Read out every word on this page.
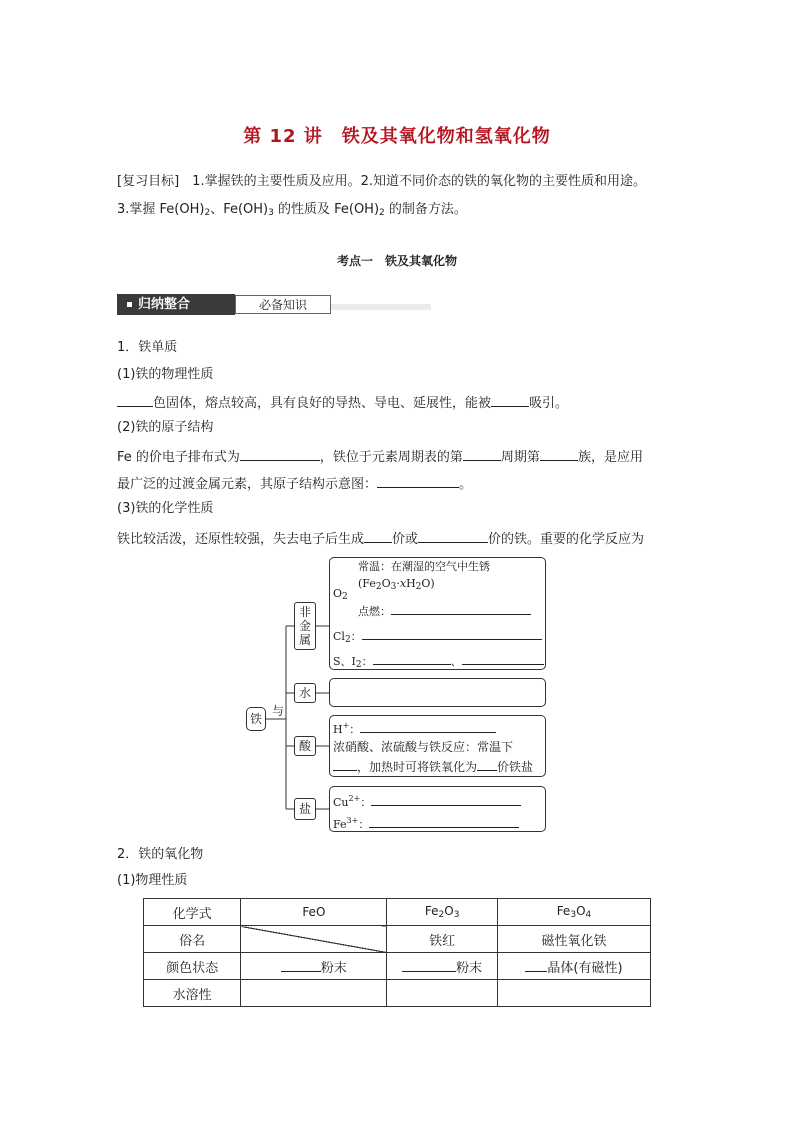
第 12 讲　铁及其氧化物和氢氧化物
[复习目标]　 1.掌握铁的主要性质及应用。2.知道不同价态的铁的氧化物的主要性质和用途。
3.掌握 $Fe(OH)_2$、$Fe(OH)_3$ 的性质及 $Fe(OH)_2$ 的制备方法。
考点一　铁及其氧化物
归纳整合	必备知识
1．铁单质
(1)铁的物理性质
色固体，熔点较高，具有良好的导热、导电、延展性，能被	吸引。
(2)铁的原子结构
Fe 的价电子排布式为	，铁位于元素周期表的第	周期第	族，是应用
最广泛的过渡金属元素，其原子结构示意图：	。
(3)铁的化学性质
铁比较活泼，还原性较强，失去电子后生成 价或	价的铁。重要的化学反应为
铁
与
非
金
属
水
酸
盐
$O_2$
常温：在潮湿的空气中生锈
$(Fe_2O_3\cdot xH_2O)$
点燃：
$Cl_2$：
S、$I_2$：	、
H+：
浓硝酸、浓硫酸与铁反应：常温下
，加热时可将铁氧化为 价铁盐
$Cu^{2+}$：
$Fe^{3+}$：
2．铁的氧化物
(1)物理性质
化学式	FeO	$Fe_2O_3$	$Fe_3O_4$
俗名		铁红	磁性氧化铁
颜色状态	粉末	粉末	晶体(有磁性)
水溶性			
